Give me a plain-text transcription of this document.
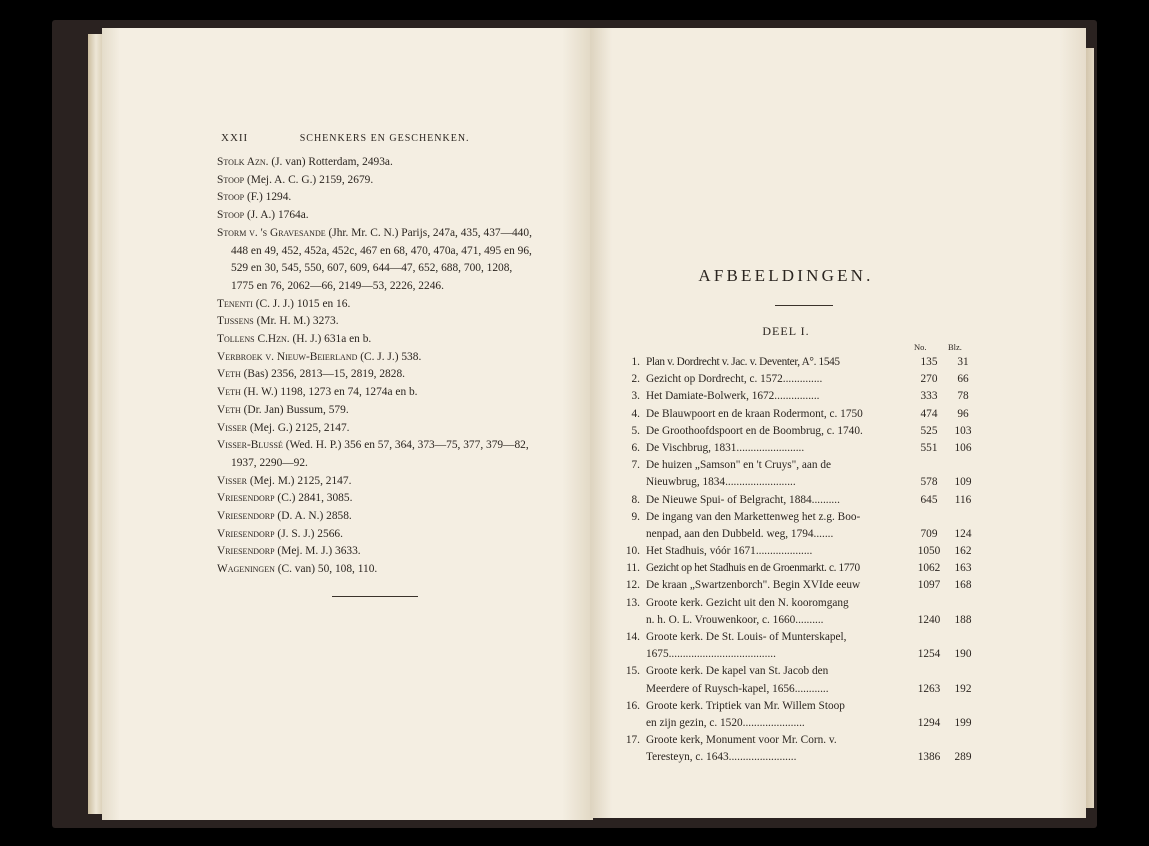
XXII	SCHENKERS EN GESCHENKEN.

Stolk Azn. (J. van) Rotterdam, 2493a.

Stoop (Mej. A. C. G.) 2159, 2679.

Stoop (F.) 1294.

Stoop (J. A.) 1764a.

Storm v. 's Gravesande (Jhr. Mr. C. N.) Parijs, 247a, 435, 437—440, 448 en 49, 452, 452a, 452c, 467 en 68, 470, 470a, 471, 495 en 96, 529 en 30, 545, 550, 607, 609, 644—47, 652, 688, 700, 1208, 1775 en 76, 2062—66, 2149—53, 2226, 2246.

Tenenti (C. J. J.) 1015 en 16.

Tijssens (Mr. H. M.) 3273.

Tollens C.Hzn. (H. J.) 631a en b.

Verbroek v. Nieuw-Beierland (C. J. J.) 538.

Veth (Bas) 2356, 2813—15, 2819, 2828.

Veth (H. W.) 1198, 1273 en 74, 1274a en b.

Veth (Dr. Jan) Bussum, 579.

Visser (Mej. G.) 2125, 2147.

Visser-Blussé (Wed. H. P.) 356 en 57, 364, 373—75, 377, 379—82, 1937, 2290—92.

Visser (Mej. M.) 2125, 2147.

Vriesendorp (C.) 2841, 3085.

Vriesendorp (D. A. N.) 2858.

Vriesendorp (J. S. J.) 2566.

Vriesendorp (Mej. M. J.) 3633.

Wageningen (C. van) 50, 108, 110.

AFBEELDINGEN.
DEEL I.
No.	Blz.
1. Plan v. Dordrecht v. Jac. v. Deventer, A°. 1545	135	31
2. Gezicht op Dordrecht, c. 1572..............	270	66
3. Het Damiate-Bolwerk, 1672................	333	78
4. De Blauwpoort en de kraan Rodermont, c. 1750	474	96
5. De Groothoofdspoort en de Boombrug, c. 1740.	525	103
6. De Vischbrug, 1831........................	551	106
7. De huizen „Samson" en 't Cruys", aan de
Nieuwbrug, 1834.........................	578	109
8. De Nieuwe Spui- of Belgracht, 1884..........	645	116
9. De ingang van den Markettenweg het z.g. Boo-
nenpad, aan den Dubbeld. weg, 1794.......	709	124
10. Het Stadhuis, vóór 1671....................	1050	162
11. Gezicht op het Stadhuis en de Groenmarkt. c. 1770	1062	163
12. De kraan „Swartzenborch". Begin XVIde eeuw	1097	168
13. Groote kerk. Gezicht uit den N. kooromgang
n. h. O. L. Vrouwenkoor, c. 1660..........	1240	188
14. Groote kerk. De St. Louis- of Munterskapel,
1675......................................	1254	190
15. Groote kerk. De kapel van St. Jacob den
Meerdere of Ruysch-kapel, 1656............	1263	192
16. Groote kerk. Triptiek van Mr. Willem Stoop
en zijn gezin, c. 1520......................	1294	199
17. Groote kerk, Monument voor Mr. Corn. v.
Teresteyn, c. 1643........................	1386	289
